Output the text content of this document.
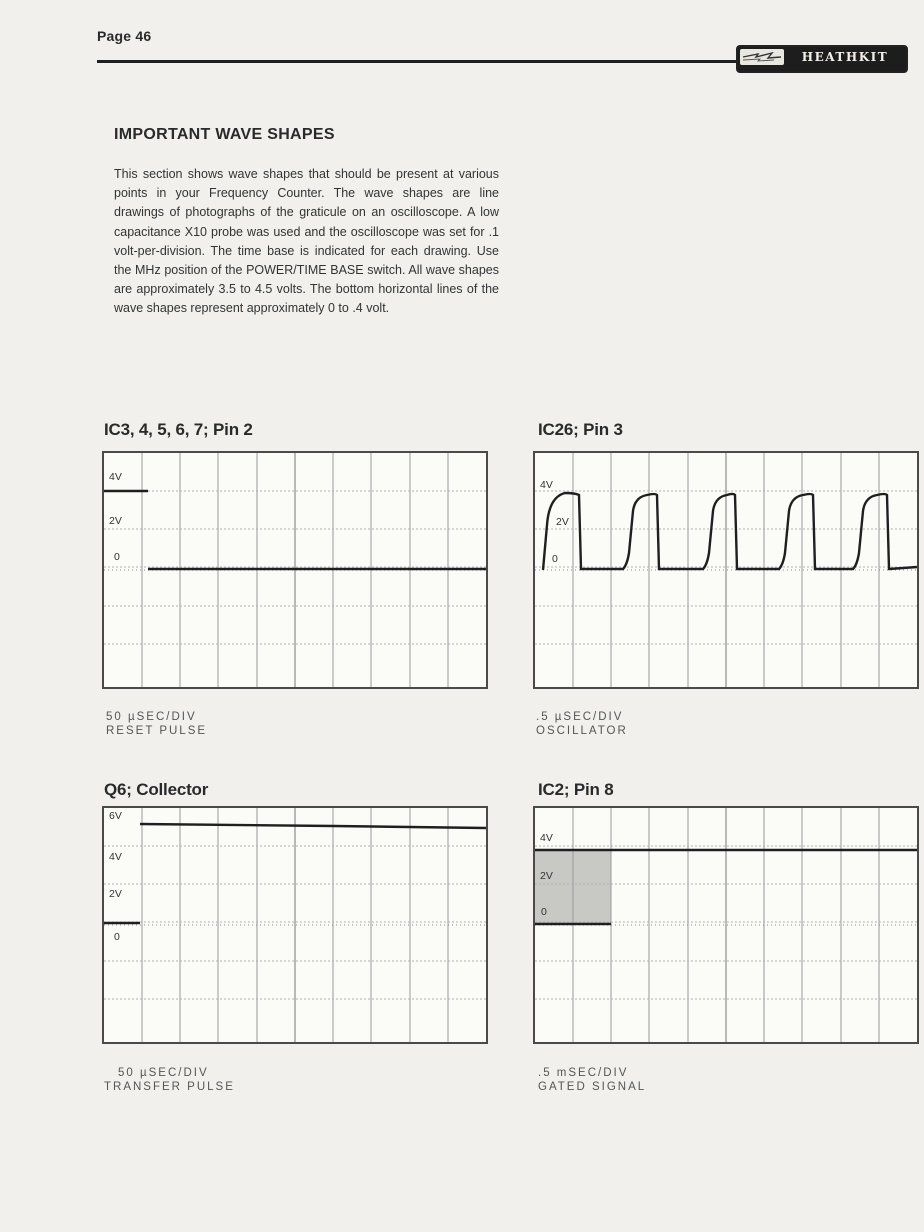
Page 46
HEATHKIT
IMPORTANT WAVE SHAPES

This section shows wave shapes that should be present at various points in your Frequency Counter. The wave shapes are line drawings of photographs of the graticule on an oscilloscope. A low capacitance X10 probe was used and the oscilloscope was set for .1 volt-per-division. The time base is indicated for each drawing. Use the MHz position of the POWER/TIME BASE switch. All wave shapes are approximately 3.5 to 4.5 volts. The bottom horizontal lines of the wave shapes represent approximately 0 to .4 volt.

IC3, 4, 5, 6, 7; Pin 2
4V
2V
0
50 µSEC/DIV
RESET PULSE
IC26; Pin 3
4V
2V
0
.5 µSEC/DIV
OSCILLATOR
Q6; Collector
6V
4V
2V
0
50 µSEC/DIV
TRANSFER PULSE
IC2; Pin 8
4V
2V
0
.5 mSEC/DIV
GATED SIGNAL
